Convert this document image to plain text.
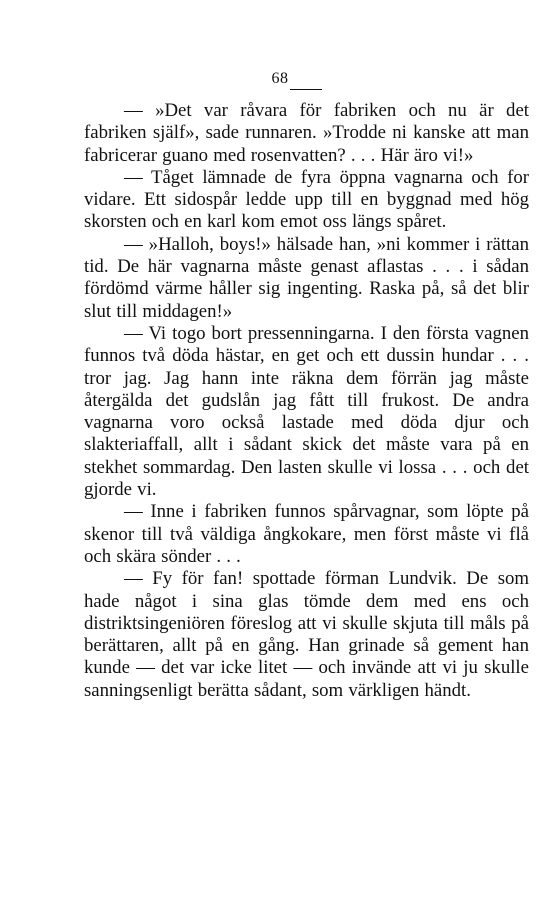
68

— »Det var råvara för fabriken och nu är det fabriken själf», sade runnaren. »Trodde ni kanske att man fabricerar guano med rosenvatten? . . . Här äro vi!»

— Tåget lämnade de fyra öppna vagnarna och for vidare. Ett sidospår ledde upp till en byggnad med hög skorsten och en karl kom emot oss längs spåret.

— »Halloh, boys!» hälsade han, »ni kommer i rättan tid. De här vagnarna måste genast aflastas . . . i sådan fördömd värme håller sig ingenting. Raska på, så det blir slut till middagen!»

— Vi togo bort pressenningarna. I den första vagnen funnos två döda hästar, en get och ett dussin hundar . . . tror jag. Jag hann inte räkna dem förrän jag måste återgälda det gudslån jag fått till frukost. De andra vagnarna voro också lastade med döda djur och slakteriaffall, allt i sådant skick det måste vara på en stekhet sommardag. Den lasten skulle vi lossa . . . och det gjorde vi.

— Inne i fabriken funnos spårvagnar, som löpte på skenor till två väldiga ångkokare, men först måste vi flå och skära sönder . . .

— Fy för fan! spottade förman Lundvik. De som hade något i sina glas tömde dem med ens och distriktsingeniören föreslog att vi skulle skjuta till måls på berättaren, allt på en gång. Han grinade så gement han kunde — det var icke litet — och invände att vi ju skulle sanningsenligt berätta sådant, som värkligen händt.
